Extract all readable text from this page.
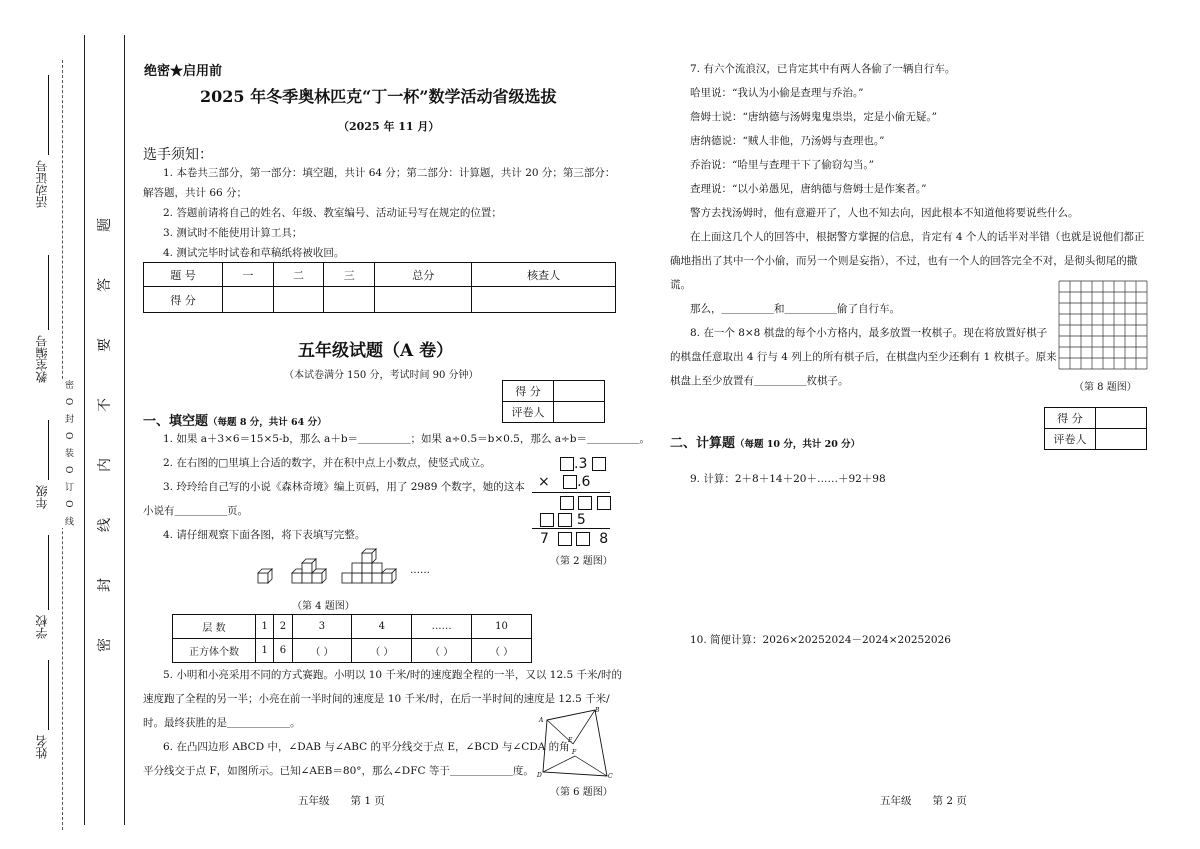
密 O 封 O 装 O 订 O 线
活动证号
教室编号
年级
学校
姓名
题
答
要
不
内
线
封
密
绝密★启用前
2025 年冬季奥林匹克“丁一杯”数学活动省级选拔
（2025 年 11 月）
选手须知：
1. 本卷共三部分，第一部分：填空题，共计 64 分；第二部分：计算题，共计 20 分；第三部分：
解答题，共计 66 分；
2. 答题前请将自己的姓名、年级、教室编号、活动证号写在规定的位置；
3. 测试时不能使用计算工具；
4. 测试完毕时试卷和草稿纸将被收回。
题 号	一	二	三	总分	核查人
得 分					
五年级试题（A 卷）
（本试卷满分 150 分，考试时间 90 分钟）
得 分	
评卷人	
一、填空题（每题 8 分，共计 64 分）
1. 如果 a＋3×6＝15×5-b，那么 a＋b＝＿＿＿＿＿；如果 a÷0.5＝b×0.5，那么 a÷b＝＿＿＿＿＿。
2. 在右图的□里填上合适的数字，并在积中点上小数点，使竖式成立。
3. 玲玲给自己写的小说《森林奇境》编上页码，用了 2989 个数字，她的这本
小说有＿＿＿＿＿页。
4. 请仔细观察下面各图，将下表填写完整。
.3
× .6

5
7	8
（第 2 题图）
……
（第 4 题图）
层 数	1	2	3	4	……	10
正方体个数	1	6	（ ）	（ ）	（ ）	（ ）
5. 小明和小亮采用不同的方式赛跑。小明以 10 千米/时的速度跑全程的一半，又以 12.5 千米/时的
速度跑了全程的另一半；小亮在前一半时间的速度是 10 千米/时，在后一半时间的速度是 12.5 千米/
时。最终获胜的是＿＿＿＿＿＿。
6. 在凸四边形 ABCD 中，∠DAB 与∠ABC 的平分线交于点 E，∠BCD 与∠CDA 的角
平分线交于点 F，如图所示。已知∠AEB＝80°，那么∠DFC 等于＿＿＿＿＿＿度。
A
B
C
D
E
F
（第 6 题图）
五年级　　第 1 页
7. 有六个流浪汉，已肯定其中有两人各偷了一辆自行车。
哈里说：“我认为小偷是查理与乔治。”
詹姆士说：“唐纳德与汤姆鬼鬼祟祟，定是小偷无疑。”
唐纳德说：“贼人非他，乃汤姆与查理也。”
乔治说：“哈里与查理干下了偷窃勾当。”
查理说：“以小弟愚见，唐纳德与詹姆士是作案者。”
警方去找汤姆时，他有意避开了，人也不知去向，因此根本不知道他将要说些什么。
在上面这几个人的回答中，根据警方掌握的信息，肯定有 4 个人的话半对半错（也就是说他们都正
确地指出了其中一个小偷，而另一个则是妄指），不过，也有一个人的回答完全不对，是彻头彻尾的撒
谎。
那么，＿＿＿＿＿和＿＿＿＿＿偷了自行车。
8. 在一个 8×8 棋盘的每个小方格内，最多放置一枚棋子。现在将放置好棋子
的棋盘任意取出 4 行与 4 列上的所有棋子后，在棋盘内至少还剩有 1 枚棋子。原来
棋盘上至少放置有＿＿＿＿＿枚棋子。
（第 8 题图）
得 分	
评卷人	
二、计算题（每题 10 分，共计 20 分）
9. 计算：2＋8＋14＋20＋……＋92＋98
10. 简便计算：2026×20252024－2024×20252026
五年级　　第 2 页
